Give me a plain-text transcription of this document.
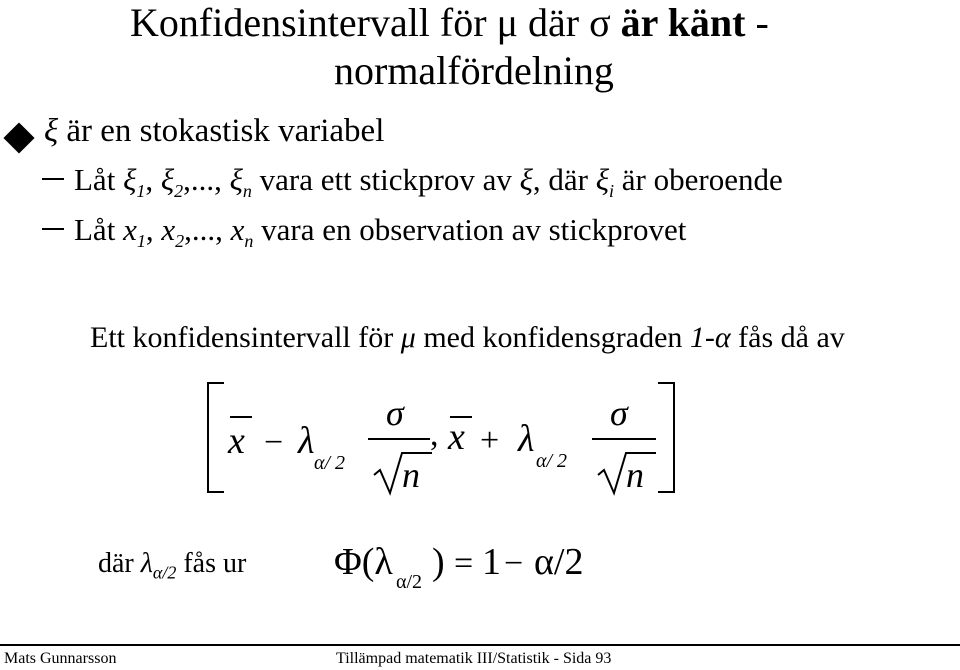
Konfidensintervall för μ där σ är känt -
normalfördelning
ξ är en stokastisk variabel
Låt $\xi_1$, $\xi_2$,..., $\xi_n$ vara ett stickprov av ξ, där $\xi_i$ är oberoende
Låt $x_1$, $x_2$,..., $x_n$ vara en observation av stickprovet
Ett konfidensintervall för μ med konfidensgraden 1-α fås då av
x − λ
α/ 2
σ
n
, x + λ
α/ 2
σ
n
där $\lambda_{\alpha/2}$ fås ur Φ(λ α/2 ) = 1 − α/2
Mats Gunnarsson	Tillämpad matematik III/Statistik - Sida 93
